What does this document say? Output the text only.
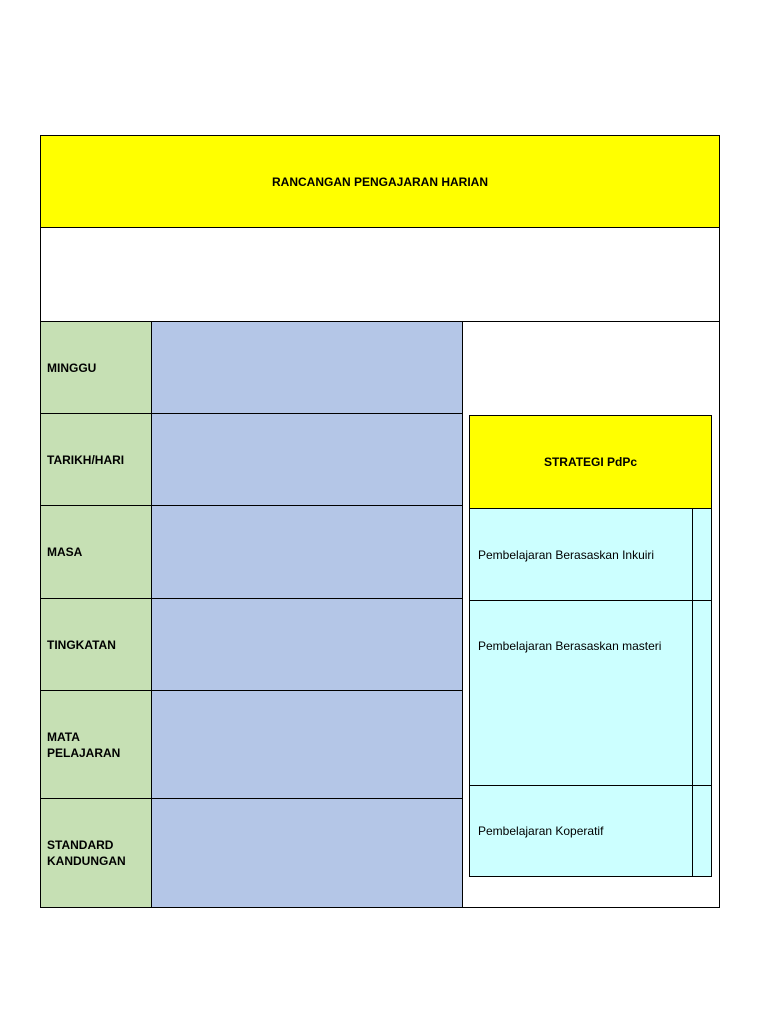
RANCANGAN PENGAJARAN HARIAN
MINGGU
TARIKH/HARI
MASA
TINGKATAN
MATA
PELAJARAN
STANDARD
KANDUNGAN
STRATEGI PdPc
Pembelajaran Berasaskan Inkuiri
Pembelajaran Berasaskan masteri
Pembelajaran Koperatif
